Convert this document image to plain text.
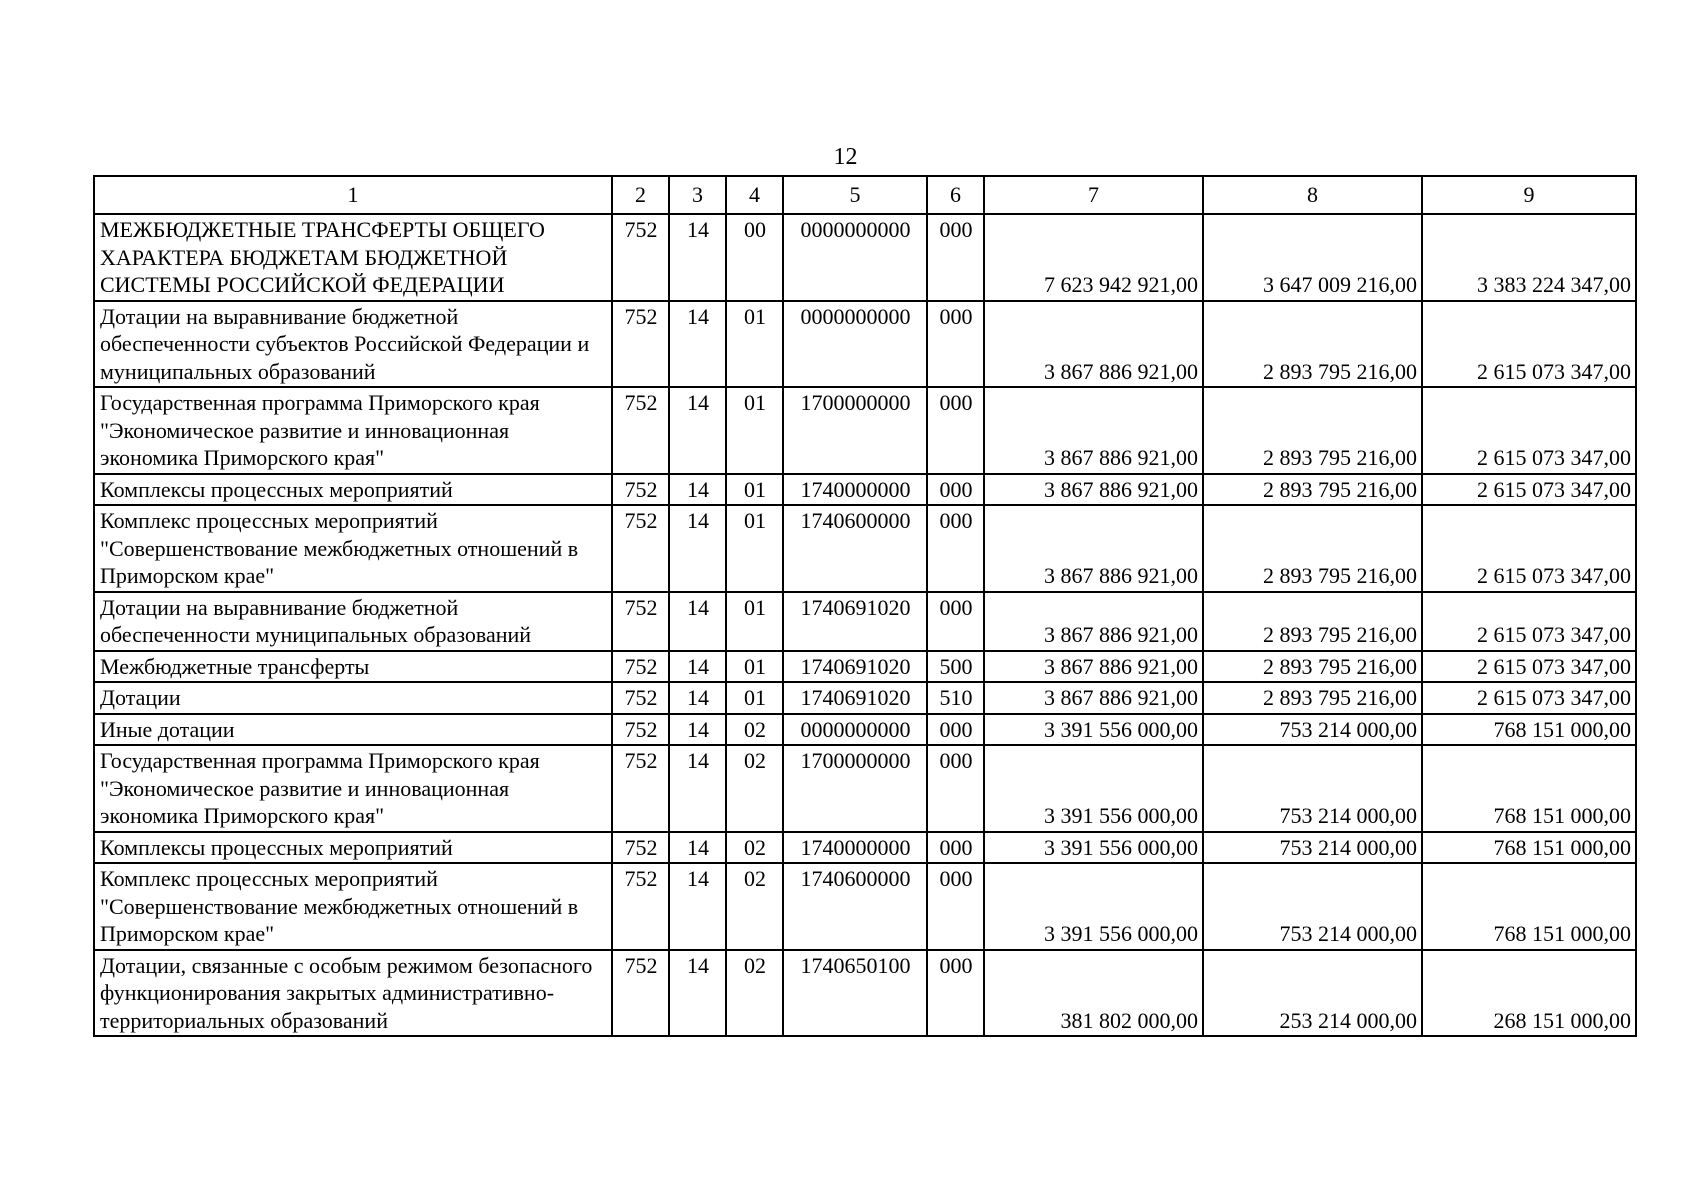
12
1	2	3	4	5	6	7	8	9
МЕЖБЮДЖЕТНЫЕ ТРАНСФЕРТЫ ОБЩЕГО ХАРАКТЕРА БЮДЖЕТАМ БЮДЖЕТНОЙ СИСТЕМЫ РОССИЙСКОЙ ФЕДЕРАЦИИ	752	14	00	0000000000	000	7 623 942 921,00	3 647 009 216,00	3 383 224 347,00
Дотации на выравнивание бюджетной обеспеченности субъектов Российской Федерации и муниципальных образований	752	14	01	0000000000	000	3 867 886 921,00	2 893 795 216,00	2 615 073 347,00
Государственная программа Приморского края "Экономическое развитие и инновационная экономика Приморского края"	752	14	01	1700000000	000	3 867 886 921,00	2 893 795 216,00	2 615 073 347,00
Комплексы процессных мероприятий	752	14	01	1740000000	000	3 867 886 921,00	2 893 795 216,00	2 615 073 347,00
Комплекс процессных мероприятий "Совершенствование межбюджетных отношений в Приморском крае"	752	14	01	1740600000	000	3 867 886 921,00	2 893 795 216,00	2 615 073 347,00
Дотации на выравнивание бюджетной обеспеченности муниципальных образований	752	14	01	1740691020	000	3 867 886 921,00	2 893 795 216,00	2 615 073 347,00
Межбюджетные трансферты	752	14	01	1740691020	500	3 867 886 921,00	2 893 795 216,00	2 615 073 347,00
Дотации	752	14	01	1740691020	510	3 867 886 921,00	2 893 795 216,00	2 615 073 347,00
Иные дотации	752	14	02	0000000000	000	3 391 556 000,00	753 214 000,00	768 151 000,00
Государственная программа Приморского края "Экономическое развитие и инновационная экономика Приморского края"	752	14	02	1700000000	000	3 391 556 000,00	753 214 000,00	768 151 000,00
Комплексы процессных мероприятий	752	14	02	1740000000	000	3 391 556 000,00	753 214 000,00	768 151 000,00
Комплекс процессных мероприятий "Совершенствование межбюджетных отношений в Приморском крае"	752	14	02	1740600000	000	3 391 556 000,00	753 214 000,00	768 151 000,00
Дотации, связанные с особым режимом безопасного функционирования закрытых административно-территориальных образований	752	14	02	1740650100	000	381 802 000,00	253 214 000,00	268 151 000,00
